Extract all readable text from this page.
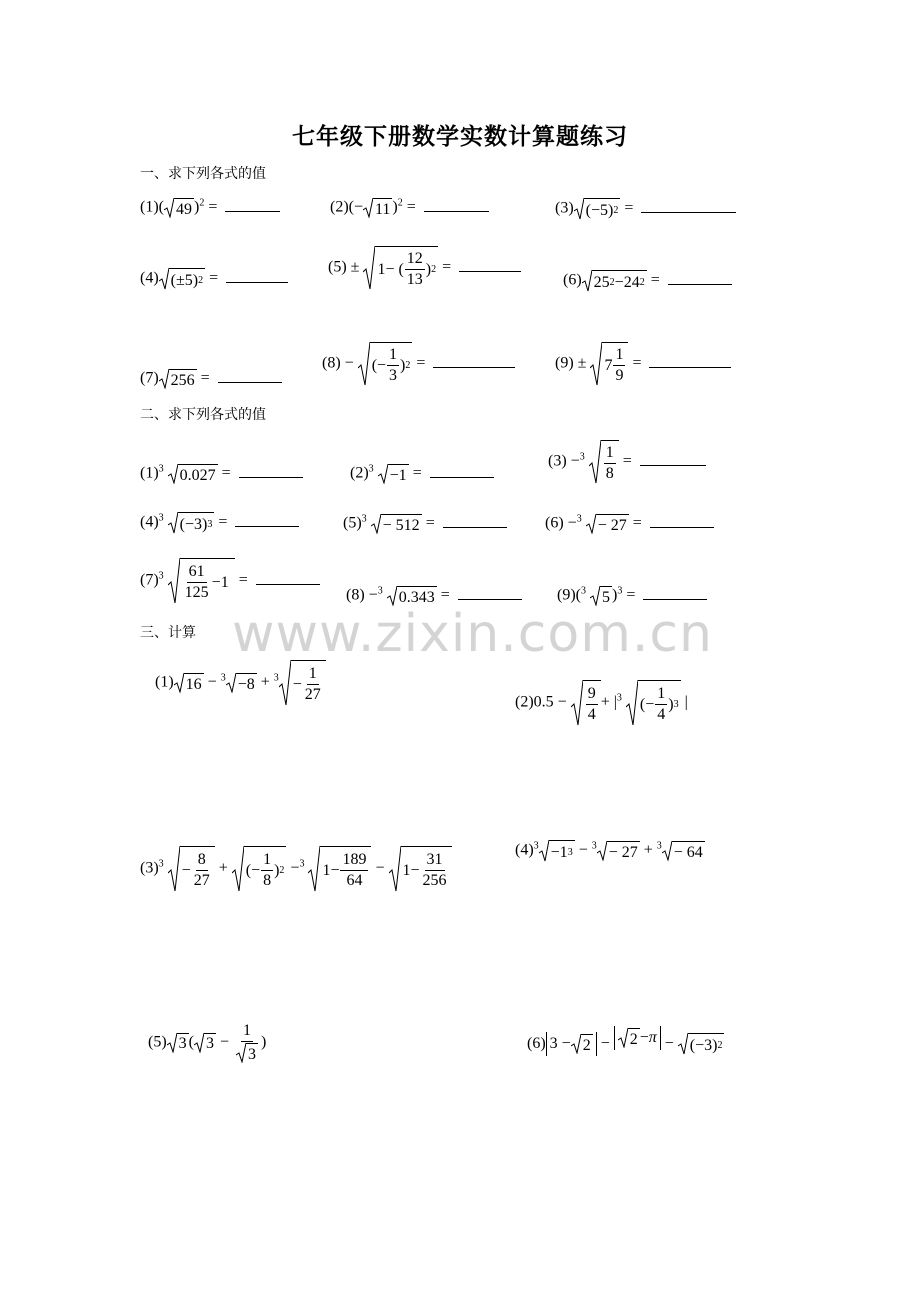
七年级下册数学实数计算题练习
一、求下列各式的值
二、求下列各式的值
三、计算 www.zixin.com.cn
(1)( 49 )$^2$ =	(2)(− 11 )$^2$ =	(3) (−5) 2 =
(4) (±5) 2 =
(5) ± 1 − (
12
13
) 2 =
(6) 25 2 − 24 2 =
(7) 256 =
(8) − (−
1
3
) 2 =	(9) ± 7
1
9
=
$(1)^3$ 0.027 =	$(2)^3 -1$ =
(3) −$^3$ 1
8
=
$(4)^3$ (−3) 3 =	$(5)^3 - 512$ =	(6) −$^3$ − 27 =
$(7)^3$ 61
125
− 1 =
(8) −$^3$ 0.343 =	(9)($^3$ 5 )$^3$ =
(1) 16 − $^3$ −8 + $^3$ −
1
27	(2)0.5 − 9
4
+ $|^3$ (−
1
4
) 3 |
$(3)^3$ −
8
27
+ (−
1
8
) 2 −$^3$ 1 −
189
64
− 1 −
31
256
$(4)^3 -1$ 3 − $^3$ − 27 + $^3$ − 64
(5) 3 ( $3 - \frac{1}{3}$ )	(6) 3 − 2 − 2 − π − (−3) 2
